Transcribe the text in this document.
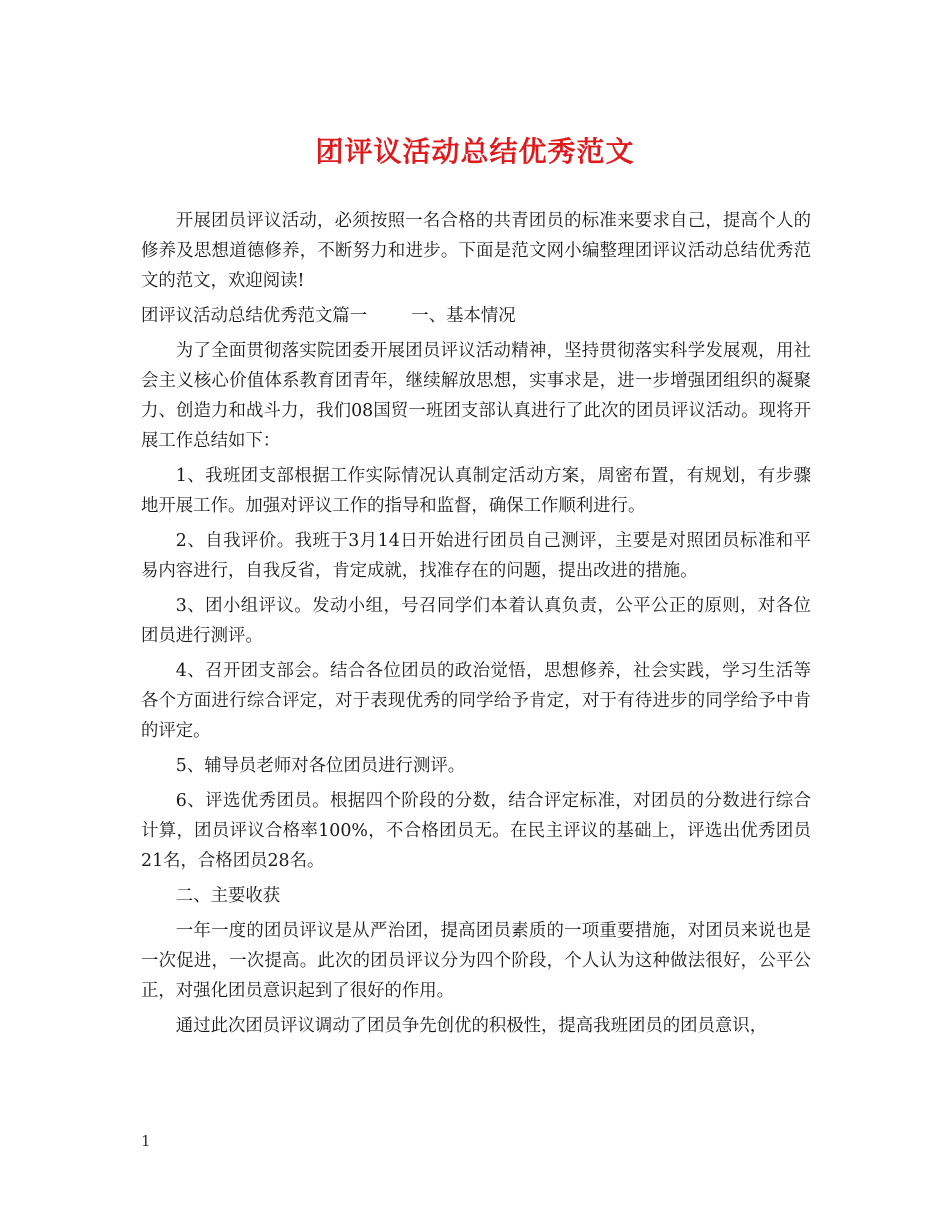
团评议活动总结优秀范文

开展团员评议活动，必须按照一名合格的共青团员的标准来要求自己，提高个人的修养及思想道德修养，不断努力和进步。下面是范文网小编整理团评议活动总结优秀范文的范文，欢迎阅读!

团评议活动总结优秀范文篇一        一、基本情况

为了全面贯彻落实院团委开展团员评议活动精神，坚持贯彻落实科学发展观，用社会主义核心价值体系教育团青年，继续解放思想，实事求是，进一步增强团组织的凝聚力、创造力和战斗力，我们08国贸一班团支部认真进行了此次的团员评议活动。现将开展工作总结如下：

1、我班团支部根据工作实际情况认真制定活动方案，周密布置，有规划，有步骤地开展工作。加强对评议工作的指导和监督，确保工作顺利进行。

2、自我评价。我班于3月14日开始进行团员自己测评，主要是对照团员标准和平易内容进行，自我反省，肯定成就，找准存在的问题，提出改进的措施。

3、团小组评议。发动小组，号召同学们本着认真负责，公平公正的原则，对各位团员进行测评。

4、召开团支部会。结合各位团员的政治觉悟，思想修养，社会实践，学习生活等各个方面进行综合评定，对于表现优秀的同学给予肯定，对于有待进步的同学给予中肯的评定。

5、辅导员老师对各位团员进行测评。

6、评选优秀团员。根据四个阶段的分数，结合评定标准，对团员的分数进行综合计算，团员评议合格率100%，不合格团员无。在民主评议的基础上，评选出优秀团员21名，合格团员28名。

二、主要收获

一年一度的团员评议是从严治团，提高团员素质的一项重要措施，对团员来说也是一次促进，一次提高。此次的团员评议分为四个阶段，个人认为这种做法很好，公平公正，对强化团员意识起到了很好的作用。

通过此次团员评议调动了团员争先创优的积极性，提高我班团员的团员意识，

1
